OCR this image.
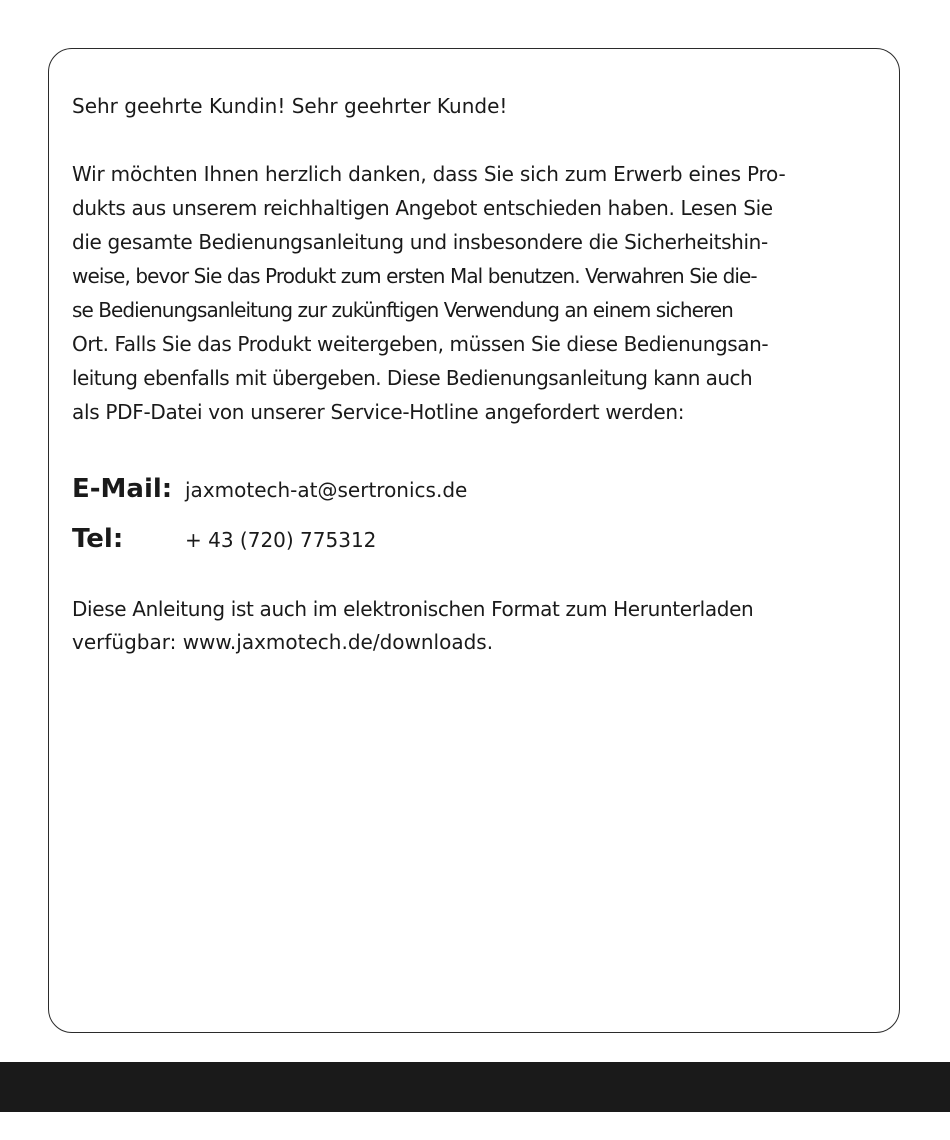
Sehr geehrte Kundin! Sehr geehrter Kunde!

Wir möchten Ihnen herzlich danken, dass Sie sich zum Erwerb eines Pro-
dukts aus unserem reichhaltigen Angebot entschieden haben. Lesen Sie
die gesamte Bedienungsanleitung und insbesondere die Sicherheitshin-
weise, bevor Sie das Produkt zum ersten Mal benutzen. Verwahren Sie die-
se Bedienungsanleitung zur zukünftigen Verwendung an einem sicheren
Ort. Falls Sie das Produkt weitergeben, müssen Sie diese Bedienungsan-
leitung ebenfalls mit übergeben. Diese Bedienungsanleitung kann auch
als PDF-Datei von unserer Service-Hotline angefordert werden:

E-Mail: jaxmotech-at@sertronics.de
Tel:	+ 43 (720) 775312

Diese Anleitung ist auch im elektronischen Format zum Herunterladen
verfügbar: www.jaxmotech.de/downloads.
